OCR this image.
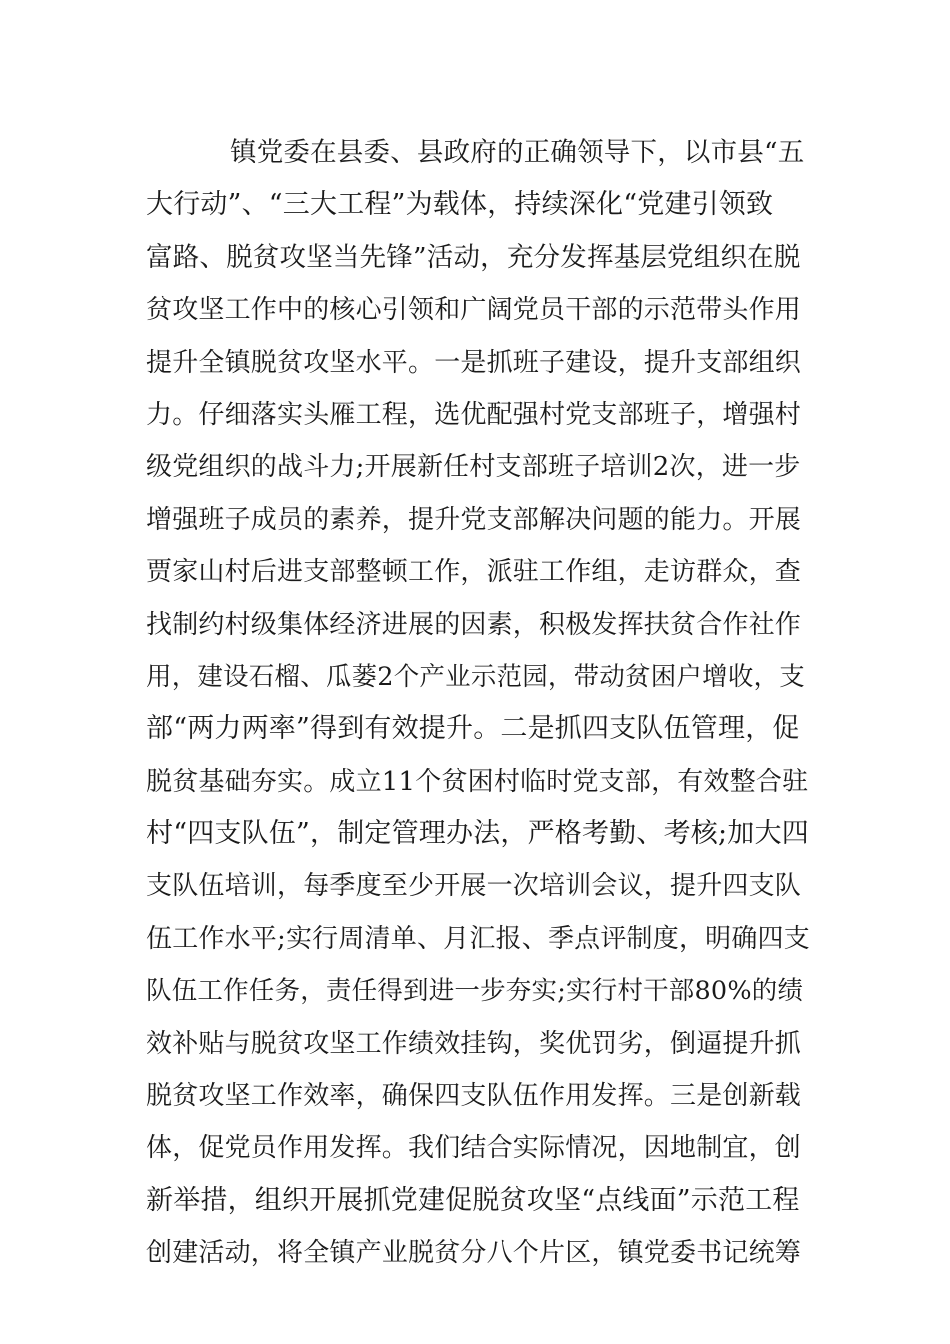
镇党委在县委、县政府的正确领导下，以市县“五
大行动”、“三大工程”为载体，持续深化“党建引领致
富路、脱贫攻坚当先锋”活动，充分发挥基层党组织在脱
贫攻坚工作中的核心引领和广阔党员干部的示范带头作用
提升全镇脱贫攻坚水平。一是抓班子建设，提升支部组织
力。仔细落实头雁工程，选优配强村党支部班子，增强村
级党组织的战斗力;开展新任村支部班子培训2次，进一步
增强班子成员的素养，提升党支部解决问题的能力。开展
贾家山村后进支部整顿工作，派驻工作组，走访群众，查
找制约村级集体经济进展的因素，积极发挥扶贫合作社作
用，建设石榴、瓜蒌2个产业示范园，带动贫困户增收，支
部“两力两率”得到有效提升。二是抓四支队伍管理，促
脱贫基础夯实。成立11个贫困村临时党支部，有效整合驻
村“四支队伍”，制定管理办法，严格考勤、考核;加大四
支队伍培训，每季度至少开展一次培训会议，提升四支队
伍工作水平;实行周清单、月汇报、季点评制度，明确四支
队伍工作任务，责任得到进一步夯实;实行村干部80%的绩
效补贴与脱贫攻坚工作绩效挂钩，奖优罚劣，倒逼提升抓
脱贫攻坚工作效率，确保四支队伍作用发挥。三是创新载
体，促党员作用发挥。我们结合实际情况，因地制宜，创
新举措，组织开展抓党建促脱贫攻坚“点线面”示范工程
创建活动，将全镇产业脱贫分八个片区，镇党委书记统筹
